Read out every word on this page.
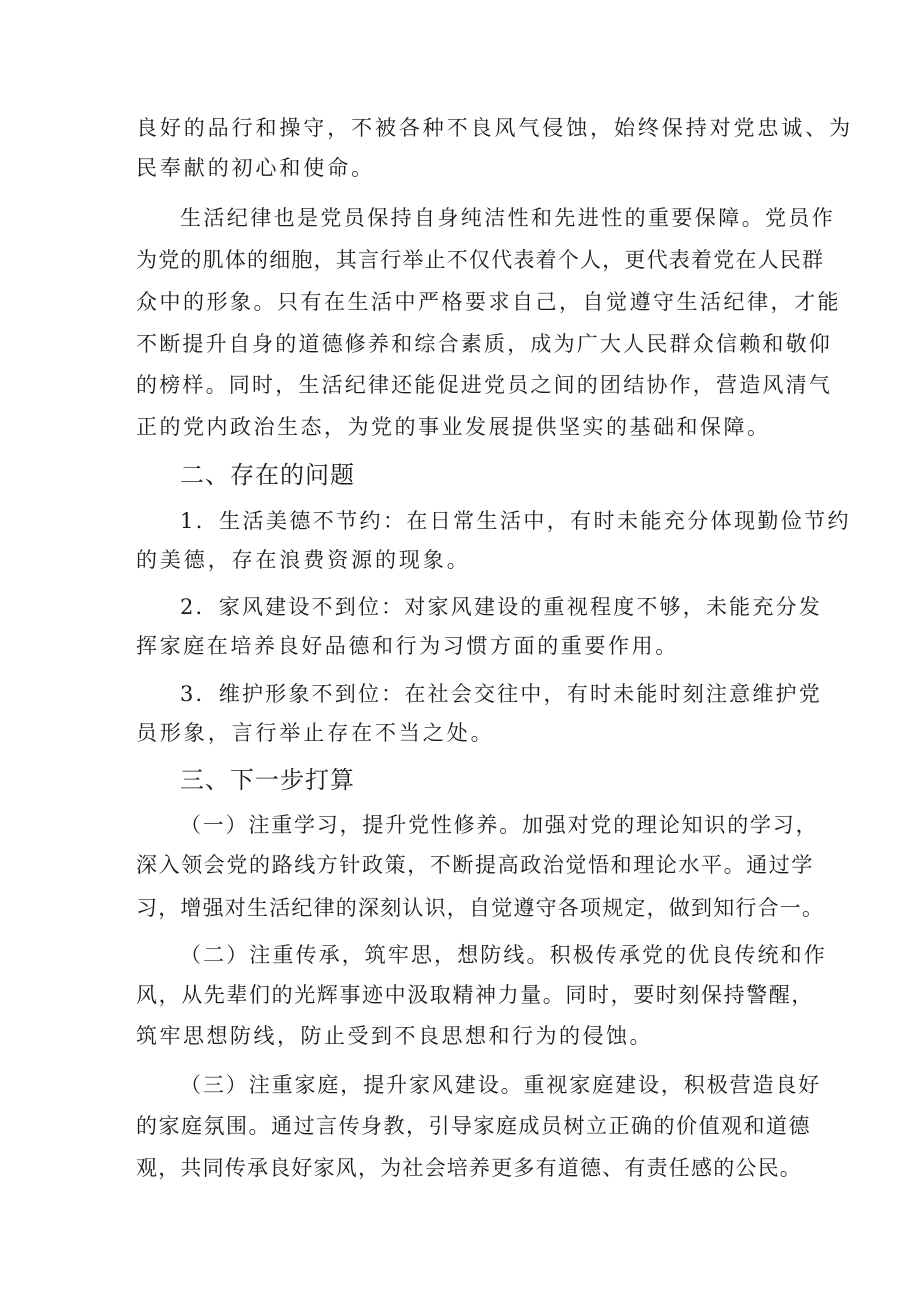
良好的品行和操守，不被各种不良风气侵蚀，始终保持对党忠诚、为
民奉献的初心和使命。
生活纪律也是党员保持自身纯洁性和先进性的重要保障。党员作
为党的肌体的细胞，其言行举止不仅代表着个人，更代表着党在人民群
众中的形象。只有在生活中严格要求自己，自觉遵守生活纪律，才能
不断提升自身的道德修养和综合素质，成为广大人民群众信赖和敬仰
的榜样。同时，生活纪律还能促进党员之间的团结协作，营造风清气
正的党内政治生态，为党的事业发展提供坚实的基础和保障。
二、存在的问题
1．生活美德不节约：在日常生活中，有时未能充分体现勤俭节约
的美德，存在浪费资源的现象。
2．家风建设不到位：对家风建设的重视程度不够，未能充分发
挥家庭在培养良好品德和行为习惯方面的重要作用。
3．维护形象不到位：在社会交往中，有时未能时刻注意维护党
员形象，言行举止存在不当之处。
三、下一步打算
（一）注重学习，提升党性修养。加强对党的理论知识的学习，
深入领会党的路线方针政策，不断提高政治觉悟和理论水平。通过学
习，增强对生活纪律的深刻认识，自觉遵守各项规定，做到知行合一。
（二）注重传承，筑牢思，想防线。积极传承党的优良传统和作
风，从先辈们的光辉事迹中汲取精神力量。同时，要时刻保持警醒，
筑牢思想防线，防止受到不良思想和行为的侵蚀。
（三）注重家庭，提升家风建设。重视家庭建设，积极营造良好
的家庭氛围。通过言传身教，引导家庭成员树立正确的价值观和道德
观，共同传承良好家风，为社会培养更多有道德、有责任感的公民。
